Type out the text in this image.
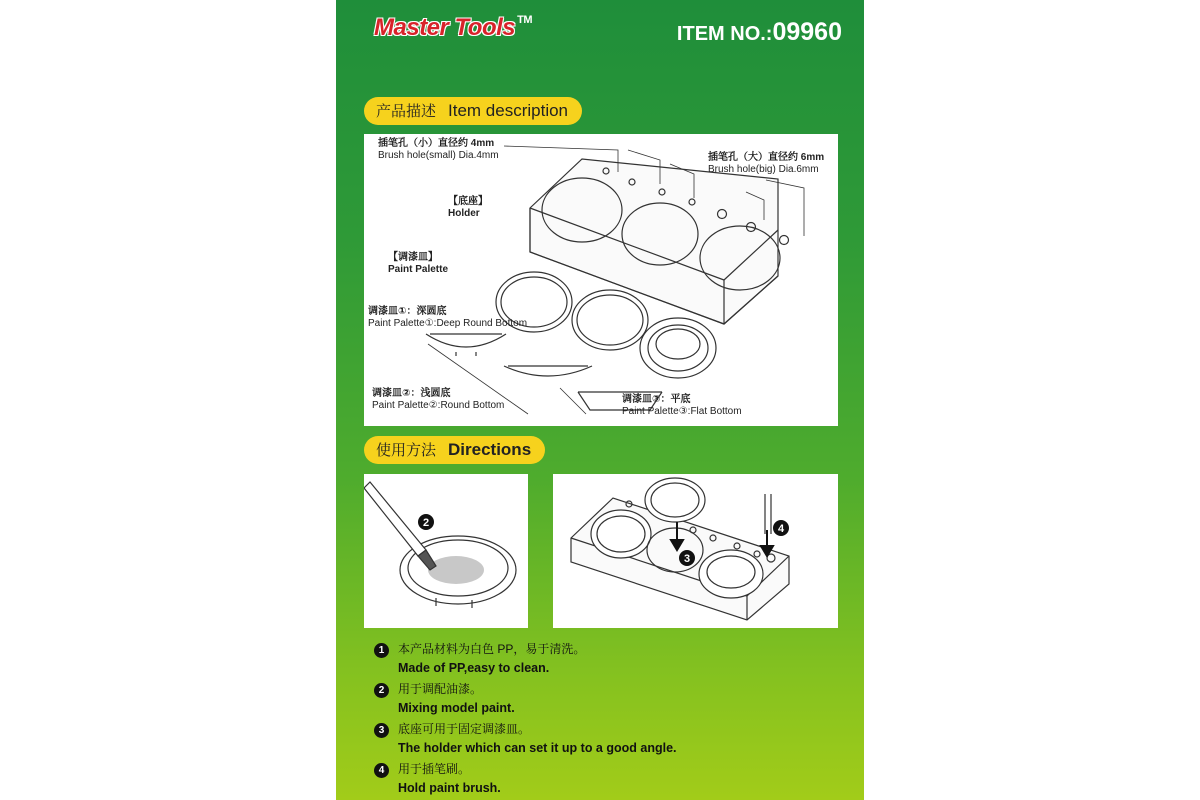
Master Tools ™
ITEM NO.:09960
产品描述 Item description
插笔孔（小）直径约 4mm
Brush hole(small) Dia.4mm	插笔孔（大）直径约 6mm
Brush hole(big) Dia.6mm
【底座】
Holder
【调漆皿】
Paint Palette
调漆皿①：深圆底
Paint Palette①:Deep Round Bottom
调漆皿②：浅圆底
Paint Palette②:Round Bottom
调漆皿③：平底
Paint Palette③:Flat Bottom
使用方法 Directions
2
3
4
1	本产品材料为白色 PP，易于清洗。
Made of PP,easy to clean.
2	用于调配油漆。
Mixing model paint.
3	底座可用于固定调漆皿。
The holder which can set it up to a good angle.
4	用于插笔刷。
Hold paint brush.
